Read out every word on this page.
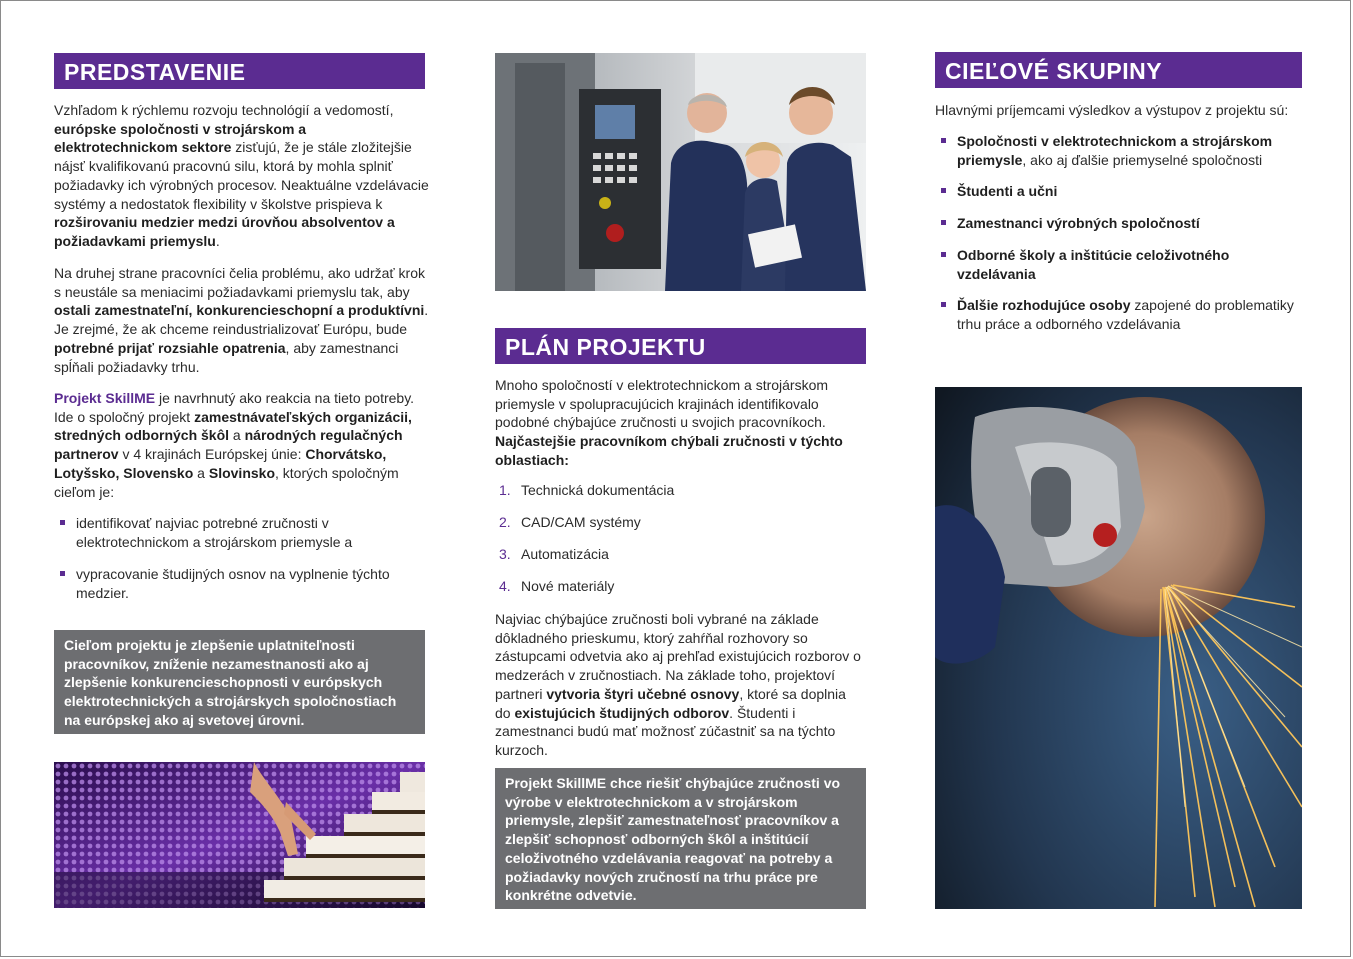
PREDSTAVENIE
Vzhľadom k rýchlemu rozvoju technológií a vedomostí, európske spoločnosti v strojárskom a elektrotechnickom sektore zisťujú, že je stále zložitejšie nájsť kvalifikovanú pracovnú silu, ktorá by mohla splniť požiadavky ich výrobných procesov. Neaktuálne vzdelávacie systémy a nedostatok flexibility v školstve prispieva k rozširovaniu medzier medzi úrovňou absolventov a požiadavkami priemyslu.
Na druhej strane pracovníci čelia problému, ako udržať krok s neustále sa meniacimi požiadavkami priemyslu tak, aby ostali zamestnateľní, konkurencieschopní a produktívni. Je zrejmé, že ak chceme reindustrializovať Európu, bude potrebné prijať rozsiahle opatrenia, aby zamestnanci spĺňali požiadavky trhu.
Projekt SkillME je navrhnutý ako reakcia na tieto potreby. Ide o spoločný projekt zamestnávateľských organizácii, stredných odborných škôl a národných regulačných partnerov v 4 krajinách Európskej únie: Chorvátsko, Lotyšsko, Slovensko a Slovinsko, ktorých spoločným cieľom je:
identifikovať najviac potrebné zručnosti v elektrotechnickom a strojárskom priemysle a
vypracovanie študijných osnov na vyplnenie týchto medzier.
Cieľom projektu je zlepšenie uplatniteľnosti pracovníkov, zníženie nezamestnanosti ako aj zlepšenie konkurencieschopnosti v európskych elektrotechnických a strojárskych spoločnostiach na európskej ako aj svetovej úrovni.
PLÁN PROJEKTU
Mnoho spoločností v elektrotechnickom a strojárskom priemysle v spolupracujúcich krajinách identifikovalo podobné chýbajúce zručnosti u svojich pracovníkoch. Najčastejšie pracovníkom chýbali zručnosti v týchto oblastiach:
1. Technická dokumentácia
2. CAD/CAM systémy
3. Automatizácia
4. Nové materiály
Najviac chýbajúce zručnosti boli vybrané na základe dôkladného prieskumu, ktorý zahŕňal rozhovory so zástupcami odvetvia ako aj prehľad existujúcich rozborov o medzerách v zručnostiach. Na základe toho, projektoví partneri vytvoria štyri učebné osnovy, ktoré sa doplnia do existujúcich študijných odborov. Študenti i zamestnanci budú mať možnosť zúčastniť sa na týchto kurzoch.
Projekt SkillME chce riešiť chýbajúce zručnosti vo výrobe v elektrotechnickom a v strojárskom priemysle, zlepšiť zamestnateľnosť pracovníkov a zlepšiť schopnosť odborných škôl a inštitúcií celoživotného vzdelávania reagovať na potreby a požiadavky nových zručností na trhu práce pre konkrétne odvetvie.
CIEĽOVÉ SKUPINY

Hlavnými príjemcami výsledkov a výstupov z projektu sú:

Spoločnosti v elektrotechnickom a strojárskom priemysle, ako aj ďalšie priemyselné spoločnosti
Študenti a učni
Zamestnanci výrobných spoločností
Odborné školy a inštitúcie celoživotného vzdelávania
Ďalšie rozhodujúce osoby zapojené do problematiky trhu práce a odborného vzdelávania
